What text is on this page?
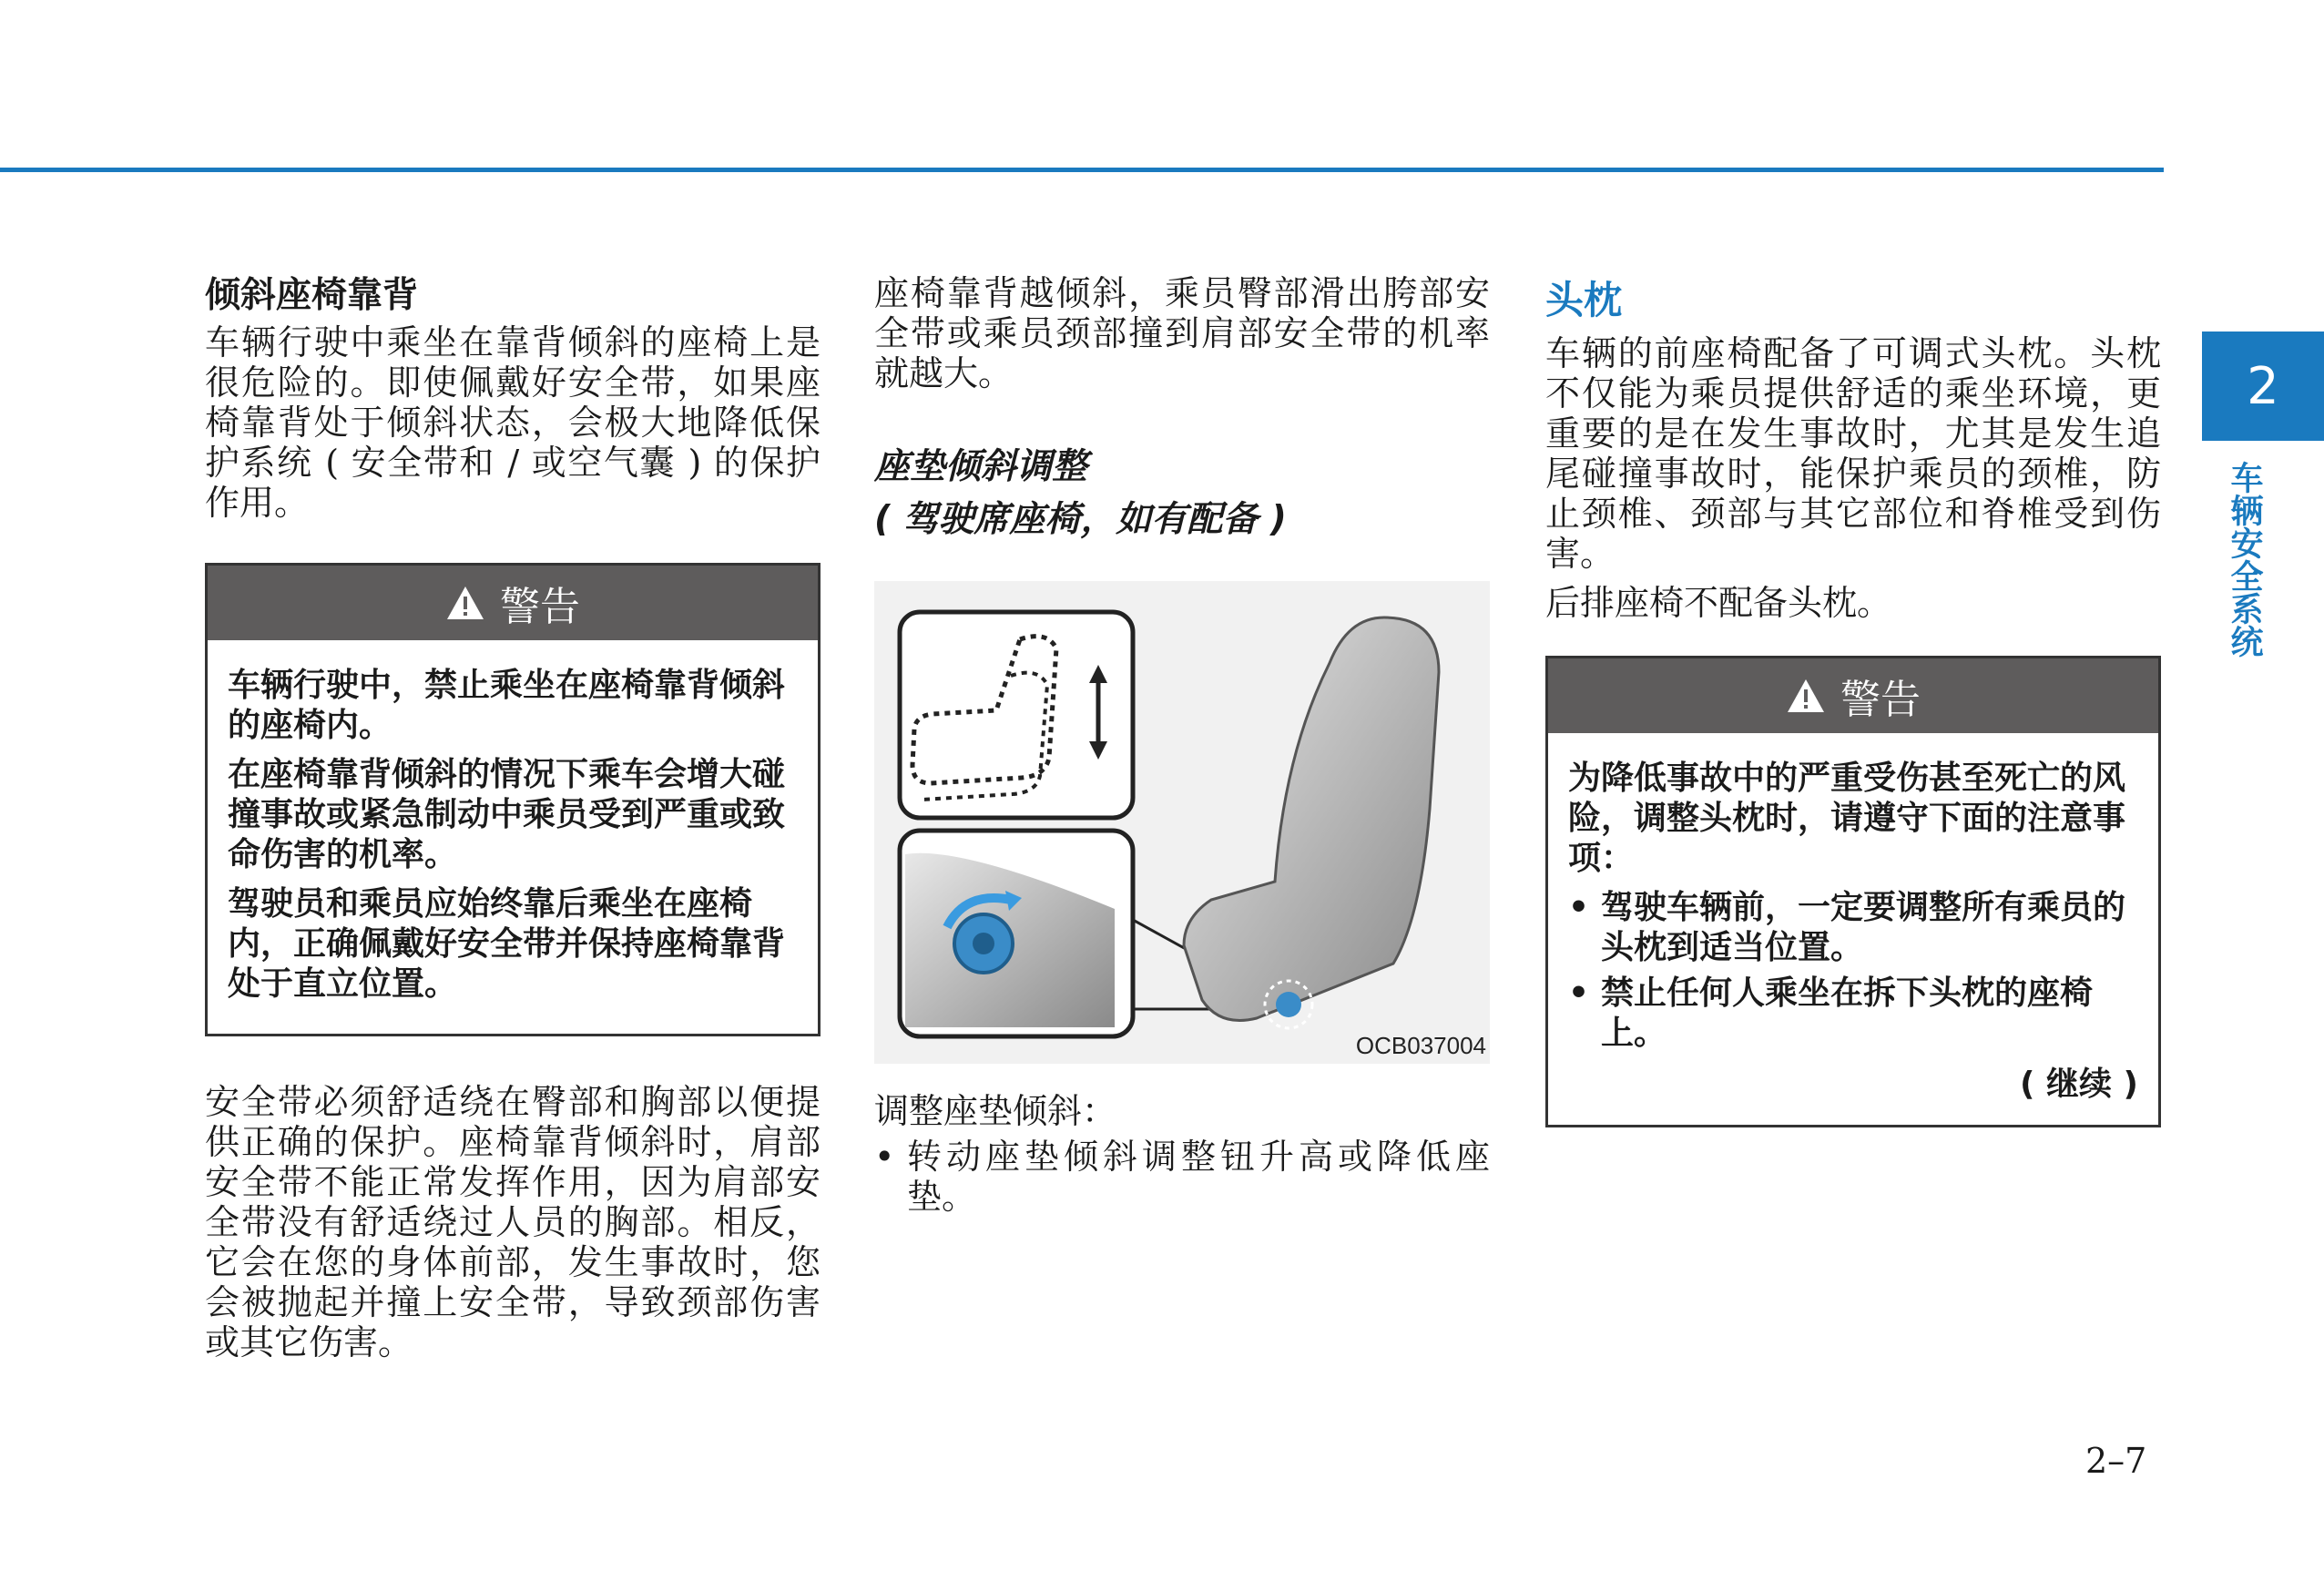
2
车辆安全系统
倾斜座椅靠背

车辆行驶中乘坐在靠背倾斜的座椅上是很危险的。即使佩戴好安全带，如果座椅靠背处于倾斜状态，会极大地降低保护系统 ( 安全带和 / 或空气囊 ) 的保护作用。

警告

车辆行驶中，禁止乘坐在座椅靠背倾斜的座椅内。

在座椅靠背倾斜的情况下乘车会增大碰撞事故或紧急制动中乘员受到严重或致命伤害的机率。

驾驶员和乘员应始终靠后乘坐在座椅内，正确佩戴好安全带并保持座椅靠背处于直立位置。

安全带必须舒适绕在臀部和胸部以便提供正确的保护。座椅靠背倾斜时，肩部安全带不能正常发挥作用，因为肩部安全带没有舒适绕过人员的胸部。相反，它会在您的身体前部，发生事故时，您会被抛起并撞上安全带，导致颈部伤害或其它伤害。

座椅靠背越倾斜，乘员臀部滑出胯部安全带或乘员颈部撞到肩部安全带的机率就越大。

座垫倾斜调整
( 驾驶席座椅，如有配备 )
OCB037004

调整座垫倾斜：

• 转动座垫倾斜调整钮升高或降低座垫。
头枕

车辆的前座椅配备了可调式头枕。头枕不仅能为乘员提供舒适的乘坐环境，更重要的是在发生事故时，尤其是发生追尾碰撞事故时，能保护乘员的颈椎，防止颈椎、颈部与其它部位和脊椎受到伤害。

后排座椅不配备头枕。

警告

为降低事故中的严重受伤甚至死亡的风险，调整头枕时，请遵守下面的注意事项：

• 驾驶车辆前，一定要调整所有乘员的头枕到适当位置。
• 禁止任何人乘坐在拆下头枕的座椅上。
( 继续 )
2–7
